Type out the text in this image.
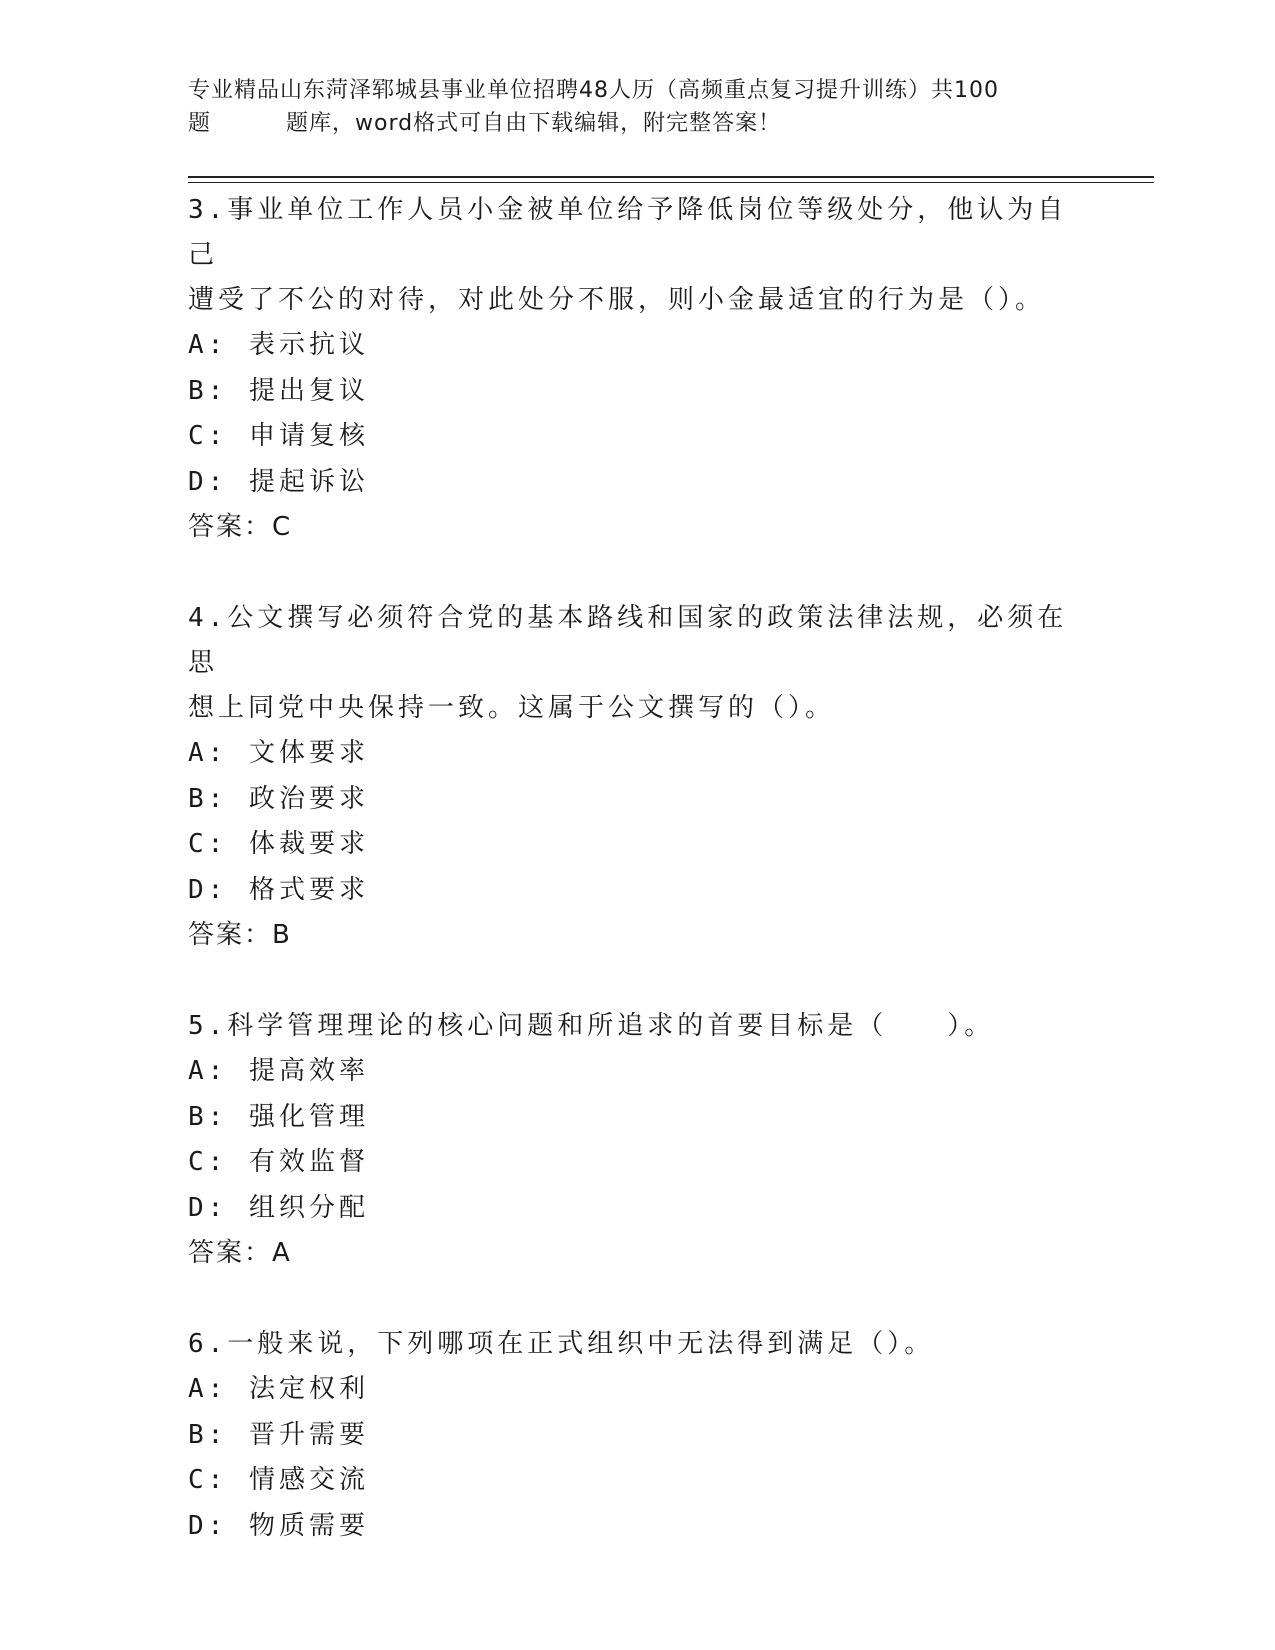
专业精品山东菏泽郓城县事业单位招聘48人历（高频重点复习提升训练）共100
题	题库，word格式可自由下载编辑，附完整答案！
3.事业单位工作人员小金被单位给予降低岗位等级处分，他认为自己
遭受了不公的对待，对此处分不服，则小金最适宜的行为是（）。
A: 表示抗议
B: 提出复议
C: 申请复核
D: 提起诉讼
答案：C
4.公文撰写必须符合党的基本路线和国家的政策法律法规，必须在思
想上同党中央保持一致。这属于公文撰写的（）。
A: 文体要求
B: 政治要求
C: 体裁要求
D: 格式要求
答案：B
5.科学管理理论的核心问题和所追求的首要目标是（　　）。
A: 提高效率
B: 强化管理
C: 有效监督
D: 组织分配
答案：A
6.一般来说，下列哪项在正式组织中无法得到满足（）。
A: 法定权利
B: 晋升需要
C: 情感交流
D: 物质需要
